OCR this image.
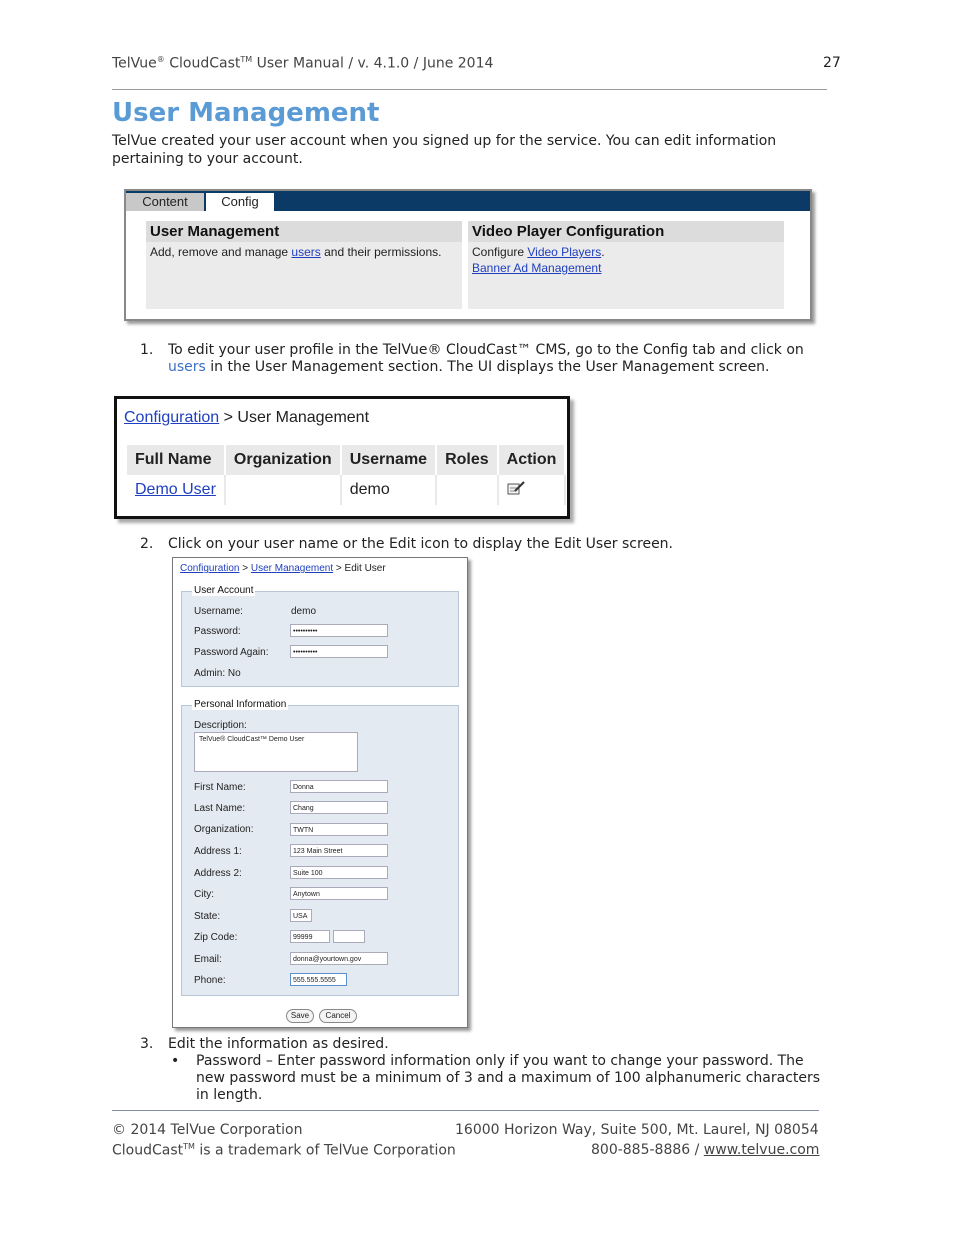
TelVue® CloudCast™ User Manual / v. 4.1.0 / June 2014	27
User Management
TelVue created your user account when you signed up for the service. You can edit information pertaining to your account.
Content	Config
User Management
Add, remove and manage users and their permissions.
Video Player Configuration
Configure Video Players.
Banner Ad Management
1. To edit your user profile in the TelVue® CloudCast™ CMS, go to the Config tab and click on
users in the User Management section. The UI displays the User Management screen.
Configuration > User Management
Full Name	Organization	Username	Roles	Action
Demo User		demo		
2. Click on your user name or the Edit icon to display the Edit User screen.
Configuration > User Management > Edit User
User Account
Username:	demo
Password:	••••••••••
Password Again:	••••••••••
Admin: No
Personal Information
Description:
TelVue® CloudCast™ Demo User
First Name:	Donna
Last Name:	Chang
Organization:	TWTN
Address 1:	123 Main Street
Address 2:	Suite 100
City:	Anytown
State:	USA
Zip Code:	99999
Email:	donna@yourtown.gov
Phone:	555.555.5555
Save	Cancel
3. Edit the information as desired.
• Password – Enter password information only if you want to change your password. The
new password must be a minimum of 3 and a maximum of 100 alphanumeric characters
in length.
© 2014 TelVue Corporation	16000 Horizon Way, Suite 500, Mt. Laurel, NJ 08054
CloudCast™ is a trademark of TelVue Corporation	800-885-8886 / www.telvue.com
